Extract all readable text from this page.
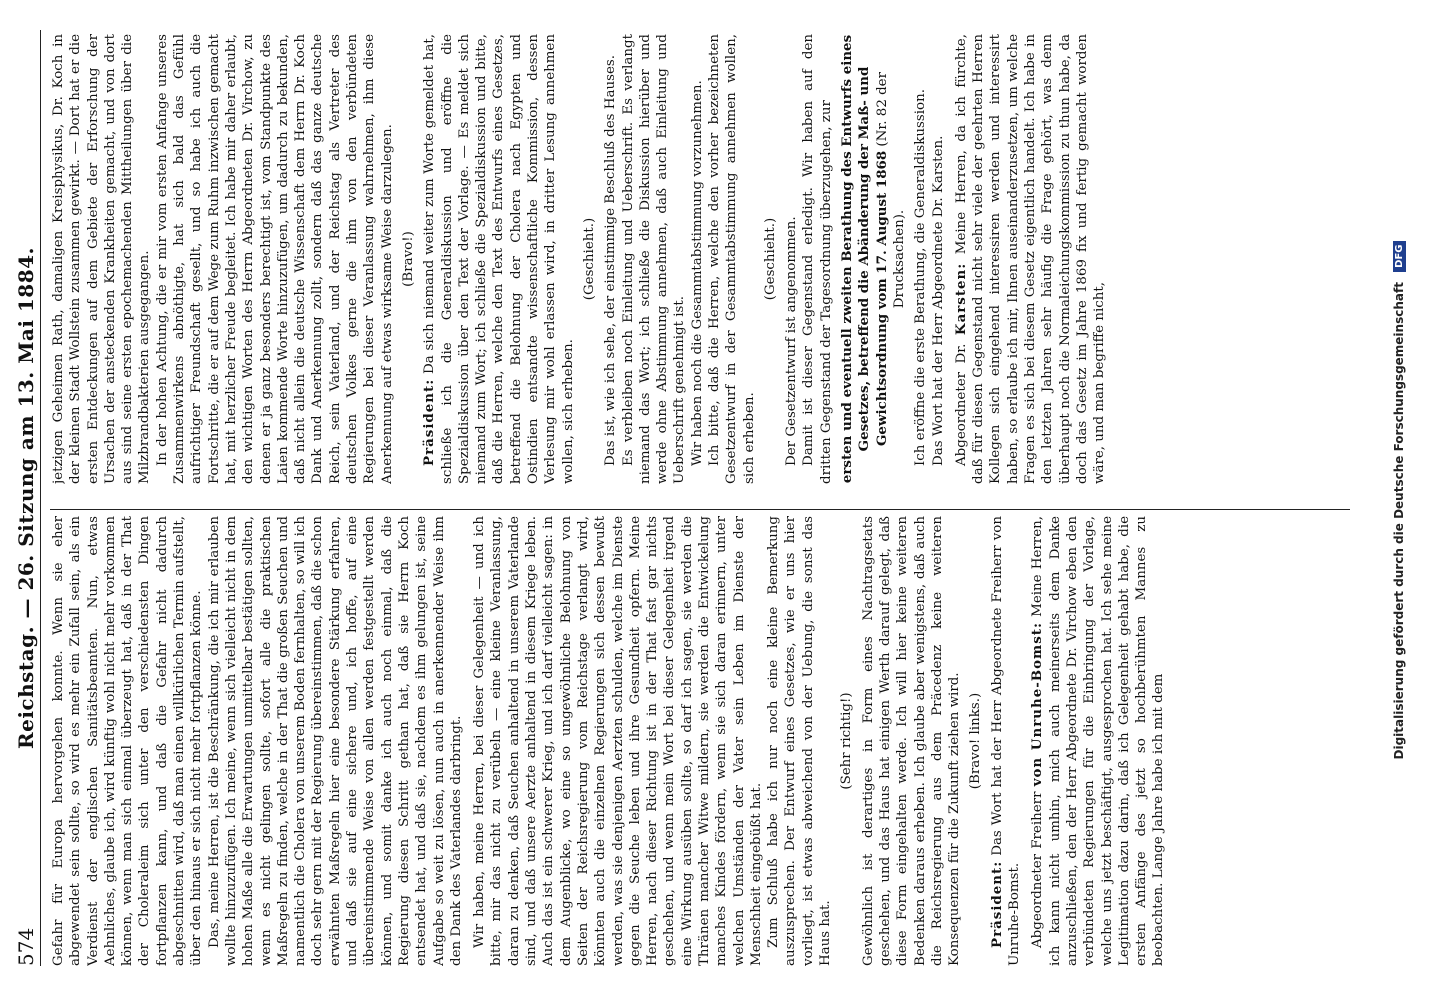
574
Reichstag. — 26. Sitzung am 13. Mai 1884. Gefahr für Europa hervorgehen konnte. Wenn sie eher abgewendet sein sollte, so wird es mehr ein Zufall sein, als ein Verdienst der englischen Sanitätsbeamten. Nun, etwas Aehnliches, glaube ich, wird künftig wohl nicht mehr vorkommen können, wenn man sich einmal überzeugt hat, daß in der That der Choleraleim sich unter den verschiedensten Dingen fortpflanzen kann, und daß die Gefahr nicht dadurch abgeschnitten wird, daß man einen willkürlichen Termin aufstellt, über den hinaus er sich nicht mehr fortpflanzen könne. Das, meine Herren, ist die Beschränkung, die ich mir erlauben wollte hinzuzufügen. Ich meine, wenn sich vielleicht nicht in dem hohen Maße alle die Erwartungen unmittelbar bestätigen sollten, wenn es nicht gelingen sollte, sofort alle die praktischen Maßregeln zu finden, welche in der That die großen Seuchen und namentlich die Cholera von unserem Boden fernhalten, so will ich doch sehr gern mit der Regierung übereinstimmen, daß die schon erwähnten Maßregeln hier eine besondere Stärkung erfahren, und daß sie auf eine sichere und, ich hoffe, auf eine übereinstimmende Weise von allen werden festgestellt werden können, und somit danke ich auch noch einmal, daß die Regierung diesen Schritt gethan hat, daß sie Herrn Koch entsendet hat, und daß sie, nachdem es ihm gelungen ist, seine Aufgabe so weit zu lösen, nun auch in anerkennender Weise ihm den Dank des Vaterlandes darbringt. Wir haben, meine Herren, bei dieser Gelegenheit — und ich bitte, mir das nicht zu verübeln — eine kleine Veranlassung, daran zu denken, daß Seuchen anhaltend in unserem Vaterlande sind, und daß unsere Aerzte anhaltend in diesem Kriege leben. Auch das ist ein schwerer Krieg, und ich darf vielleicht sagen: in dem Augenblicke, wo eine so ungewöhnliche Belohnung von Seiten der Reichsregierung vom Reichstage verlangt wird, könnten auch die einzelnen Regierungen sich dessen bewußt werden, was sie denjenigen Aerzten schulden, welche im Dienste gegen die Seuche leben und ihre Gesundheit opfern. Meine Herren, nach dieser Richtung ist in der That fast gar nichts geschehen, und wenn mein Wort bei dieser Gelegenheit irgend eine Wirkung ausüben sollte, so darf ich sagen, sie werden die Thränen mancher Witwe mildern, sie werden die Entwickelung manches Kindes fördern, wenn sie sich daran erinnern, unter welchen Umständen der Vater sein Leben im Dienste der Menschheit eingebüßt hat. Zum Schluß habe ich nur noch eine kleine Bemerkung auszusprechen. Der Entwurf eines Gesetzes, wie er uns hier vorliegt, ist etwas abweichend von der Uebung, die sonst das Haus hat.

(Sehr richtig!) Gewöhnlich ist derartiges in Form eines Nachtragsetats geschehen, und das Haus hat einigen Werth darauf gelegt, daß diese Form eingehalten werde. Ich will hier keine weiteren Bedenken daraus erheben. Ich glaube aber wenigstens, daß auch die Reichsregierung aus dem Präcedenz keine weiteren Konsequenzen für die Zukunft ziehen wird. (Bravo! links.)

Präsident: Das Wort hat der Herr Abgeordnete Freiherr von Unruhe-Bomst. Abgeordneter Freiherr von Unruhe-Bomst: Meine Herren, ich kann nicht umhin, mich auch meinerseits dem Danke anzuschließen, den der Herr Abgeordnete Dr. Virchow eben den verbündeten Regierungen für die Einbringung der Vorlage, welche uns jetzt beschäftigt, ausgesprochen hat. Ich sehe meine Legitimation dazu darin, daß ich Gelegenheit gehabt habe, die ersten Anfänge des jetzt so hochberühmten Mannes zu beobachten. Lange Jahre habe ich mit dem

jetzigen Geheimen Rath, damaligen Kreisphysikus, Dr. Koch in der kleinen Stadt Wollstein zusammen gewirkt. — Dort hat er die ersten Entdeckungen auf dem Gebiete der Erforschung der Ursachen der ansteckenden Krankheiten gemacht, und von dort aus sind seine ersten epochemachenden Mittheilungen über die Milzbrandbakterien ausgegangen. In der hohen Achtung, die er mir vom ersten Anfange unseres Zusammenwirkens abnöthigte, hat sich bald das Gefühl aufrichtiger Freundschaft gesellt, und so habe ich auch die Fortschritte, die er auf dem Wege zum Ruhm inzwischen gemacht hat, mit herzlicher Freude begleitet. Ich habe mir daher erlaubt, den wichtigen Worten des Herrn Abgeordneten Dr. Virchow, zu denen er ja ganz besonders berechtigt ist, vom Standpunkte des Laien kommende Worte hinzuzufügen, um dadurch zu bekunden, daß nicht allein die deutsche Wissenschaft dem Herrn Dr. Koch Dank und Anerkennung zollt, sondern daß das ganze deutsche Reich, sein Vaterland, und der Reichstag als Vertreter des deutschen Volkes gerne die ihm von den verbündeten Regierungen bei dieser Veranlassung wahrnehmen, ihm diese Anerkennung auf etwas wirksame Weise darzulegen. (Bravo!)

Präsident: Da sich niemand weiter zum Worte gemeldet hat, schließe ich die Generaldiskussion und eröffne die Spezialdiskussion über den Text der Vorlage. — Es meldet sich niemand zum Wort; ich schließe die Spezialdiskussion und bitte, daß die Herren, welche den Text des Entwurfs eines Gesetzes, betreffend die Belohnung der Cholera nach Egypten und Ostindien entsandte wissenschaftliche Kommission, dessen Verlesung mir wohl erlassen wird, in dritter Lesung annehmen wollen, sich erheben.

(Geschieht.) Das ist, wie ich sehe, der einstimmige Beschluß des Hauses. Es verbleiben noch Einleitung und Ueberschrift. Es verlangt niemand das Wort; ich schließe die Diskussion hierüber und werde ohne Abstimmung annehmen, daß auch Einleitung und Ueberschrift genehmigt ist. Wir haben noch die Gesammtabstimmung vorzunehmen. Ich bitte, daß die Herren, welche den vorher bezeichneten Gesetzentwurf in der Gesammtabstimmung annehmen wollen, sich erheben.

(Geschieht.) Der Gesetzentwurf ist angenommen. Damit ist dieser Gegenstand erledigt. Wir haben auf den dritten Gegenstand der Tagesordnung überzugehen, zur ersten und eventuell zweiten Berathung des Entwurfs eines Gesetzes, betreffend die Abänderung der Maß- und Gewichtsordnung vom 17. August 1868 (Nr. 82 der Drucksachen). Ich eröffne die erste Berathung, die Generaldiskussion. Das Wort hat der Herr Abgeordnete Dr. Karsten. Abgeordneter Dr. Karsten: Meine Herren, da ich fürchte, daß für diesen Gegenstand nicht sehr viele der geehrten Herren Kollegen sich eingehend interessiren werden und interessirt haben, so erlaube ich mir, Ihnen auseinanderzusetzen, um welche Fragen es sich bei diesem Gesetz eigentlich handelt. Ich habe in den letzten Jahren sehr häufig die Frage gehört, was denn überhaupt noch die Normaleichungskommission zu thun habe, da doch das Gesetz im Jahre 1869 fix und fertig gemacht worden wäre, und man begriffe nicht,	Digitalisierung gefördert durch die Deutsche Forschungsgemeinschaft DFG
